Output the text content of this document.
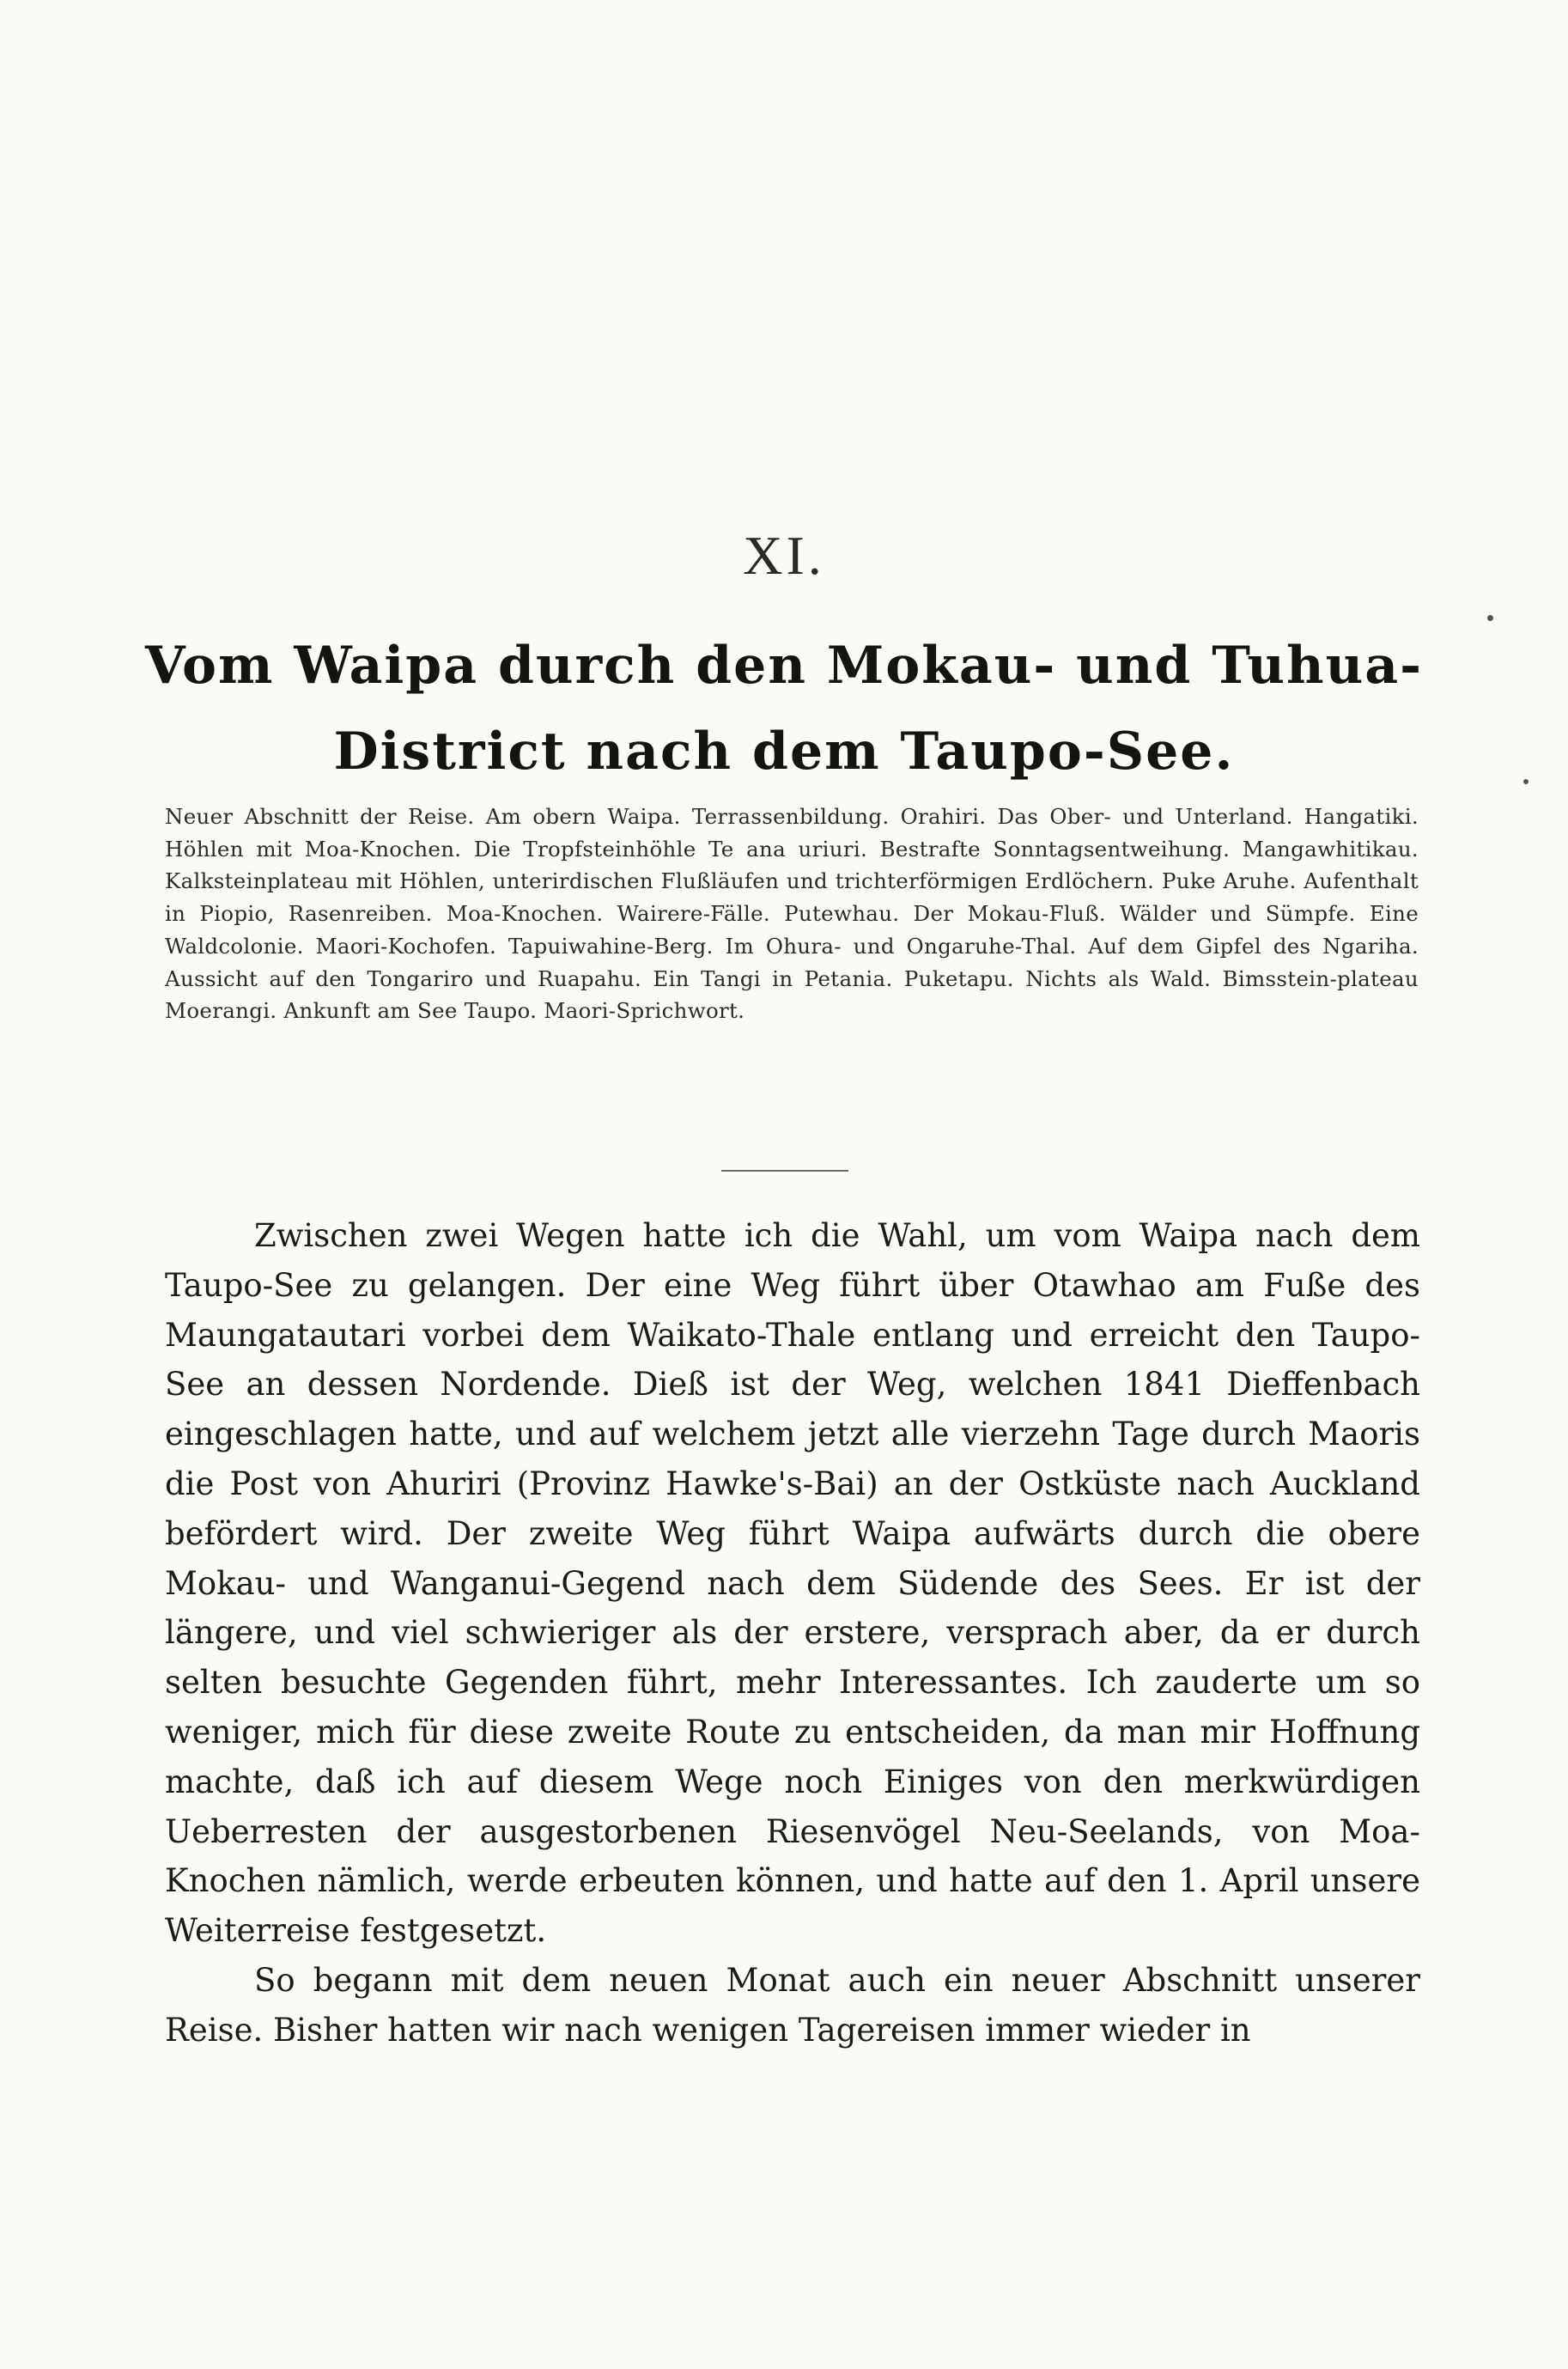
XI.
Vom Waipa durch den Mokau- und Tuhua-District nach dem Taupo-See.
Neuer Abschnitt der Reise. Am obern Waipa. Terrassenbildung. Orahiri. Das Ober- und Unterland. Hangatiki. Höhlen mit Moa-Knochen. Die Tropfsteinhöhle Te ana uriuri. Bestrafte Sonntagsentweihung. Mangawhitikau. Kalksteinplateau mit Höhlen, unterirdischen Flußläufen und trichterförmigen Erdlöchern. Puke Aruhe. Aufenthalt in Piopio, Rasenreiben. Moa-Knochen. Wairere-Fälle. Putewhau. Der Mokau-Fluß. Wälder und Sümpfe. Eine Waldcolonie. Maori-Kochofen. Tapuiwahine-Berg. Im Ohura- und Ongaruhe-Thal. Auf dem Gipfel des Ngariha. Aussicht auf den Tongariro und Ruapahu. Ein Tangi in Petania. Puketapu. Nichts als Wald. Bimsstein-plateau Moerangi. Ankunft am See Taupo. Maori-Sprichwort.

Zwischen zwei Wegen hatte ich die Wahl, um vom Waipa nach dem Taupo-See zu gelangen. Der eine Weg führt über Otawhao am Fuße des Maungatautari vorbei dem Waikato-Thale entlang und erreicht den Taupo-See an dessen Nordende. Dieß ist der Weg, welchen 1841 Dieffenbach eingeschlagen hatte, und auf welchem jetzt alle vierzehn Tage durch Maoris die Post von Ahuriri (Provinz Hawke's-Bai) an der Ostküste nach Auckland befördert wird. Der zweite Weg führt Waipa aufwärts durch die obere Mokau- und Wanganui-Gegend nach dem Südende des Sees. Er ist der längere, und viel schwieriger als der erstere, versprach aber, da er durch selten besuchte Gegenden führt, mehr Interessantes. Ich zauderte um so weniger, mich für diese zweite Route zu entscheiden, da man mir Hoffnung machte, daß ich auf diesem Wege noch Einiges von den merkwürdigen Ueberresten der ausgestorbenen Riesenvögel Neu-Seelands, von Moa-Knochen nämlich, werde erbeuten können, und hatte auf den 1. April unsere Weiterreise festgesetzt.

So begann mit dem neuen Monat auch ein neuer Abschnitt unserer Reise. Bisher hatten wir nach wenigen Tagereisen immer wieder in
